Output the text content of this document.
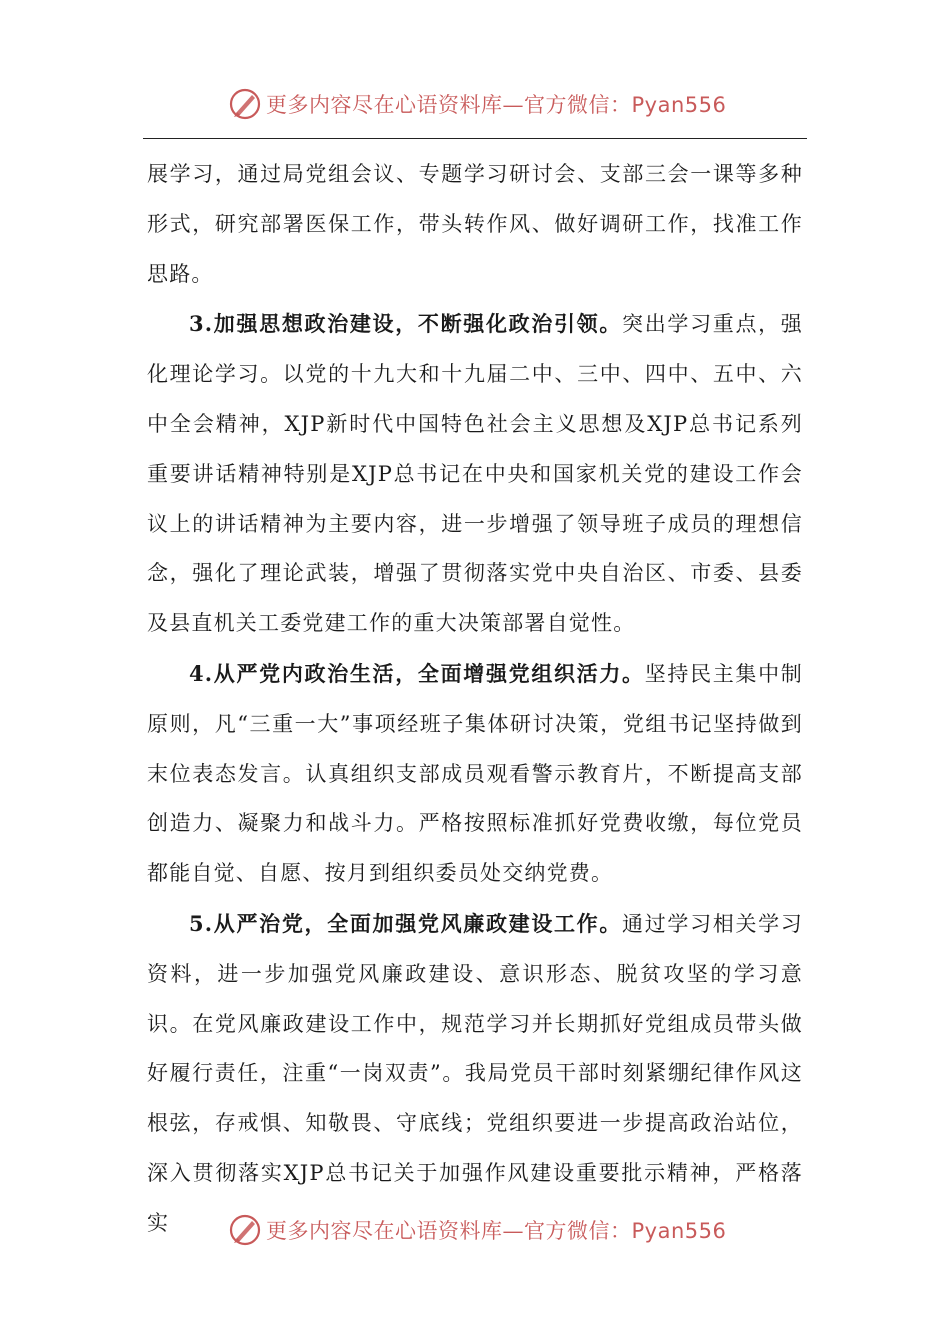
更多内容尽在心语资料库—官方微信：Pyan556

展学习，通过局党组会议、专题学习研讨会、支部三会一课等多种形式，研究部署医保工作，带头转作风、做好调研工作，找准工作思路。

3.加强思想政治建设，不断强化政治引领。突出学习重点，强化理论学习。以党的十九大和十九届二中、三中、四中、五中、六中全会精神，XJP新时代中国特色社会主义思想及XJP总书记系列重要讲话精神特别是XJP总书记在中央和国家机关党的建设工作会议上的讲话精神为主要内容，进一步增强了领导班子成员的理想信念，强化了理论武装，增强了贯彻落实党中央自治区、市委、县委及县直机关工委党建工作的重大决策部署自觉性。

4.从严党内政治生活，全面增强党组织活力。坚持民主集中制原则，凡“三重一大”事项经班子集体研讨决策，党组书记坚持做到末位表态发言。认真组织支部成员观看警示教育片，不断提高支部创造力、凝聚力和战斗力。严格按照标准抓好党费收缴，每位党员都能自觉、自愿、按月到组织委员处交纳党费。

5.从严治党，全面加强党风廉政建设工作。通过学习相关学习资料，进一步加强党风廉政建设、意识形态、脱贫攻坚的学习意识。在党风廉政建设工作中，规范学习并长期抓好党组成员带头做好履行责任，注重“一岗双责”。我局党员干部时刻紧绷纪律作风这根弦，存戒惧、知敬畏、守底线；党组织要进一步提高政治站位，深入贯彻落实XJP总书记关于加强作风建设重要批示精神，严格落实	更多内容尽在心语资料库—官方微信：Pyan556
